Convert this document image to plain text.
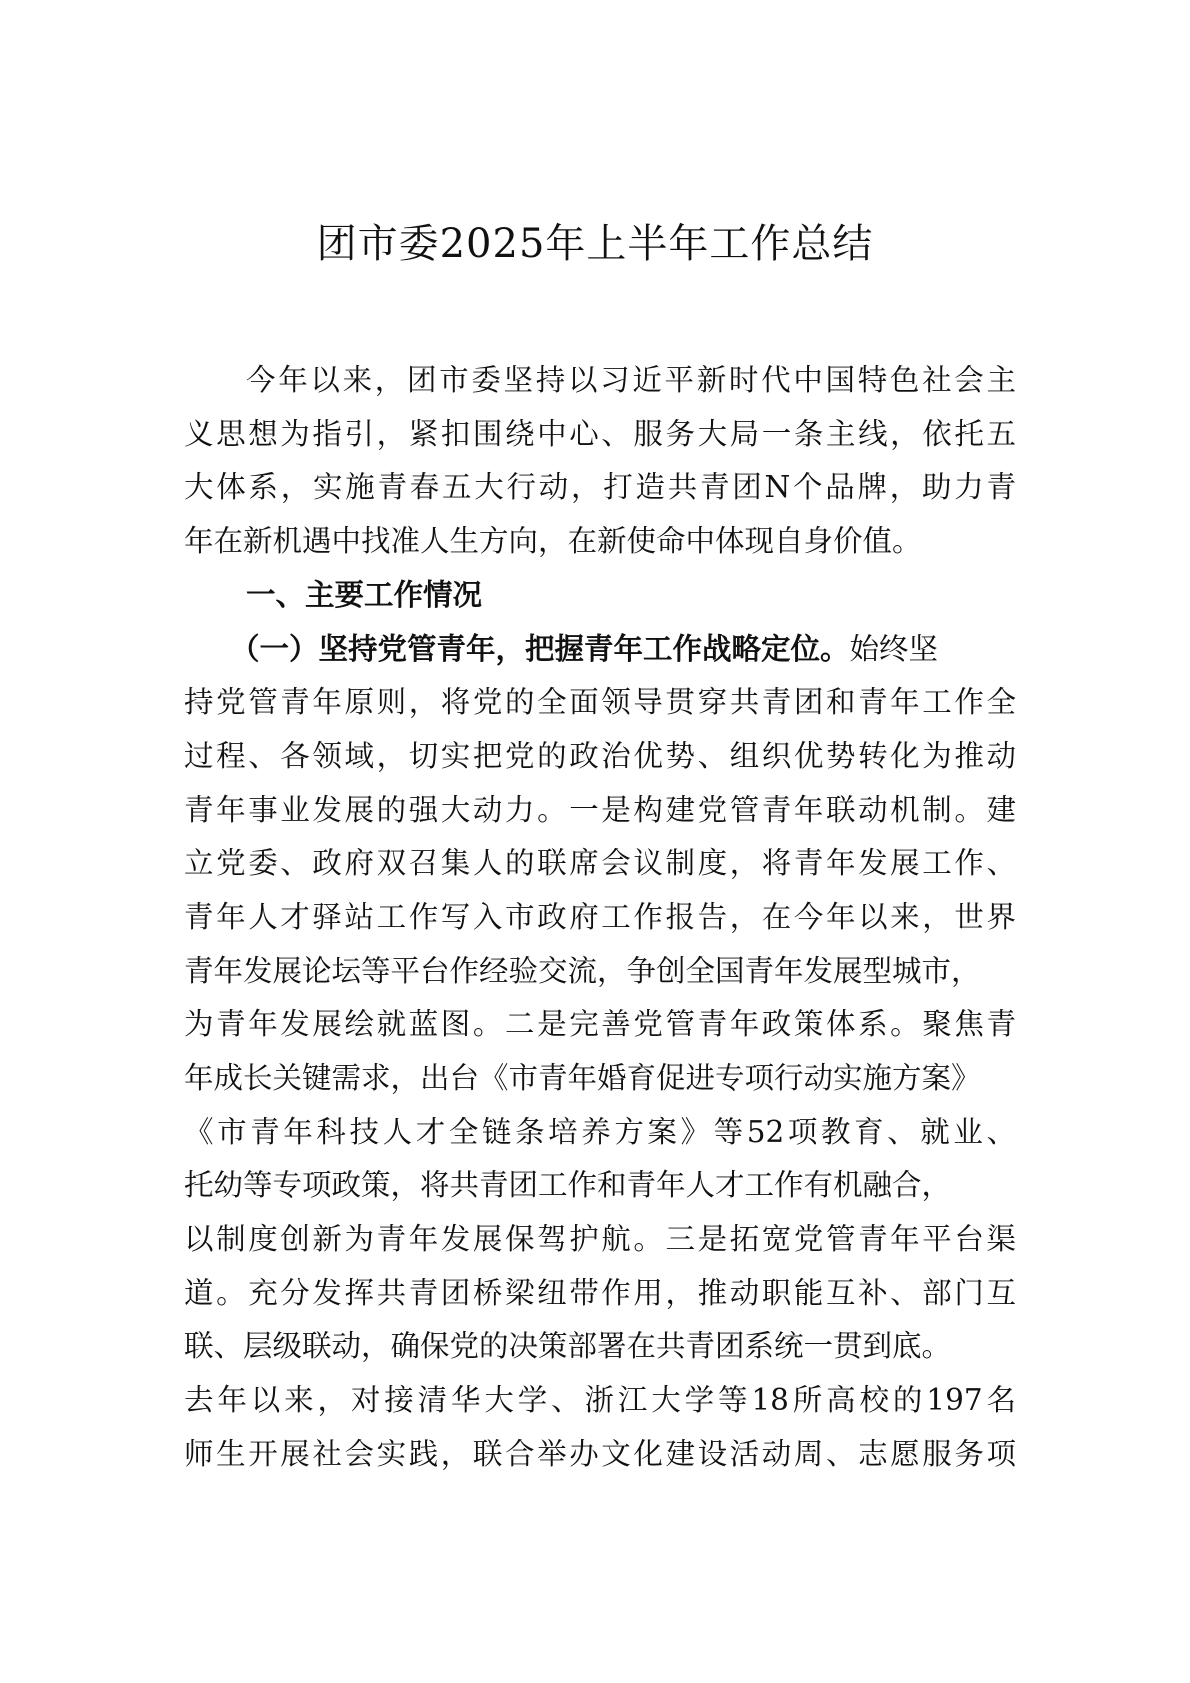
团市委2025年上半年工作总结
今年以来，团市委坚持以习近平新时代中国特色社会主
义思想为指引，紧扣围绕中心、服务大局一条主线，依托五
大体系，实施青春五大行动，打造共青团N个品牌，助力青
年在新机遇中找准人生方向，在新使命中体现自身价值。
一、主要工作情况
（一）坚持党管青年，把握青年工作战略定位。始终坚
持党管青年原则，将党的全面领导贯穿共青团和青年工作全
过程、各领域，切实把党的政治优势、组织优势转化为推动
青年事业发展的强大动力。一是构建党管青年联动机制。建
立党委、政府双召集人的联席会议制度，将青年发展工作、
青年人才驿站工作写入市政府工作报告，在今年以来，世界
青年发展论坛等平台作经验交流，争创全国青年发展型城市，
为青年发展绘就蓝图。二是完善党管青年政策体系。聚焦青
年成长关键需求，出台《市青年婚育促进专项行动实施方案》
《市青年科技人才全链条培养方案》等52项教育、就业、
托幼等专项政策，将共青团工作和青年人才工作有机融合，
以制度创新为青年发展保驾护航。三是拓宽党管青年平台渠
道。充分发挥共青团桥梁纽带作用，推动职能互补、部门互
联、层级联动，确保党的决策部署在共青团系统一贯到底。
去年以来，对接清华大学、浙江大学等18所高校的197名
师生开展社会实践，联合举办文化建设活动周、志愿服务项
